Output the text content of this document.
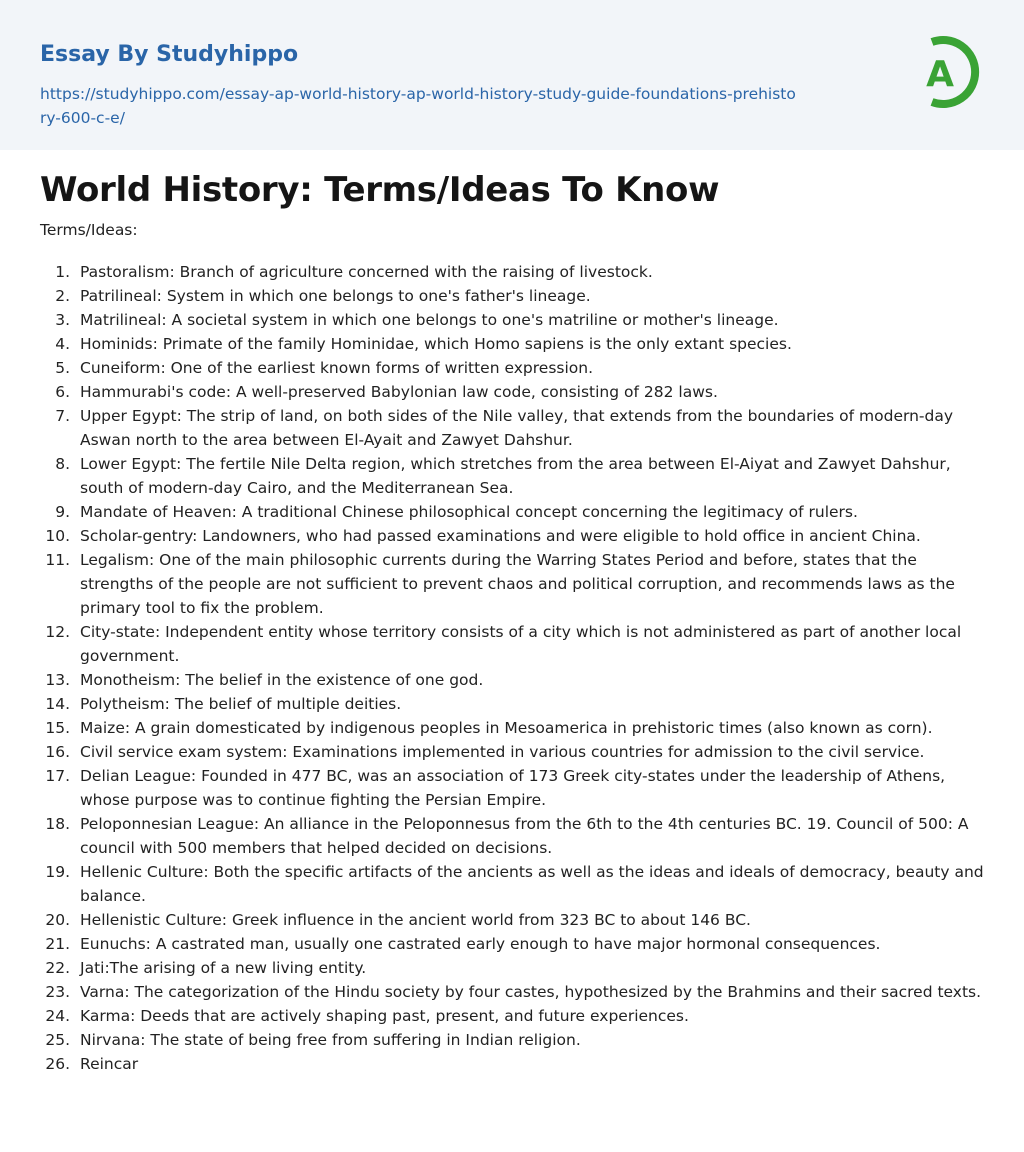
Essay By Studyhippo
https://studyhippo.com/essay-ap-world-history-ap-world-history-study-guide-foundations-prehistory-600-c-e/
A
World History: Terms/Ideas To Know

Terms/Ideas:

1. Pastoralism: Branch of agriculture concerned with the raising of livestock.
2. Patrilineal: System in which one belongs to one's father's lineage.
3. Matrilineal: A societal system in which one belongs to one's matriline or mother's lineage.
4. Hominids: Primate of the family Hominidae, which Homo sapiens is the only extant species.
5. Cuneiform: One of the earliest known forms of written expression.
6. Hammurabi's code: A well-preserved Babylonian law code, consisting of 282 laws.
7. Upper Egypt: The strip of land, on both sides of the Nile valley, that extends from the boundaries of modern-day Aswan north to the area between El-Ayait and Zawyet Dahshur.
8. Lower Egypt: The fertile Nile Delta region, which stretches from the area between El-Aiyat and Zawyet Dahshur, south of modern-day Cairo, and the Mediterranean Sea.
9. Mandate of Heaven: A traditional Chinese philosophical concept concerning the legitimacy of rulers.
10. Scholar-gentry: Landowners, who had passed examinations and were eligible to hold office in ancient China.
11. Legalism: One of the main philosophic currents during the Warring States Period and before, states that the strengths of the people are not sufficient to prevent chaos and political corruption, and recommends laws as the primary tool to fix the problem.
12. City-state: Independent entity whose territory consists of a city which is not administered as part of another local government.
13. Monotheism: The belief in the existence of one god.
14. Polytheism: The belief of multiple deities.
15. Maize: A grain domesticated by indigenous peoples in Mesoamerica in prehistoric times (also known as corn).
16. Civil service exam system: Examinations implemented in various countries for admission to the civil service.
17. Delian League: Founded in 477 BC, was an association of 173 Greek city-states under the leadership of Athens, whose purpose was to continue fighting the Persian Empire.
18. Peloponnesian League: An alliance in the Peloponnesus from the 6th to the 4th centuries BC. 19. Council of 500: A council with 500 members that helped decided on decisions.
19. Hellenic Culture: Both the specific artifacts of the ancients as well as the ideas and ideals of democracy, beauty and balance.
20. Hellenistic Culture: Greek influence in the ancient world from 323 BC to about 146 BC.
21. Eunuchs: A castrated man, usually one castrated early enough to have major hormonal consequences.
22. Jati:The arising of a new living entity.
23. Varna: The categorization of the Hindu society by four castes, hypothesized by the Brahmins and their sacred texts.
24. Karma: Deeds that are actively shaping past, present, and future experiences.
25. Nirvana: The state of being free from suffering in Indian religion.
26. Reincar
